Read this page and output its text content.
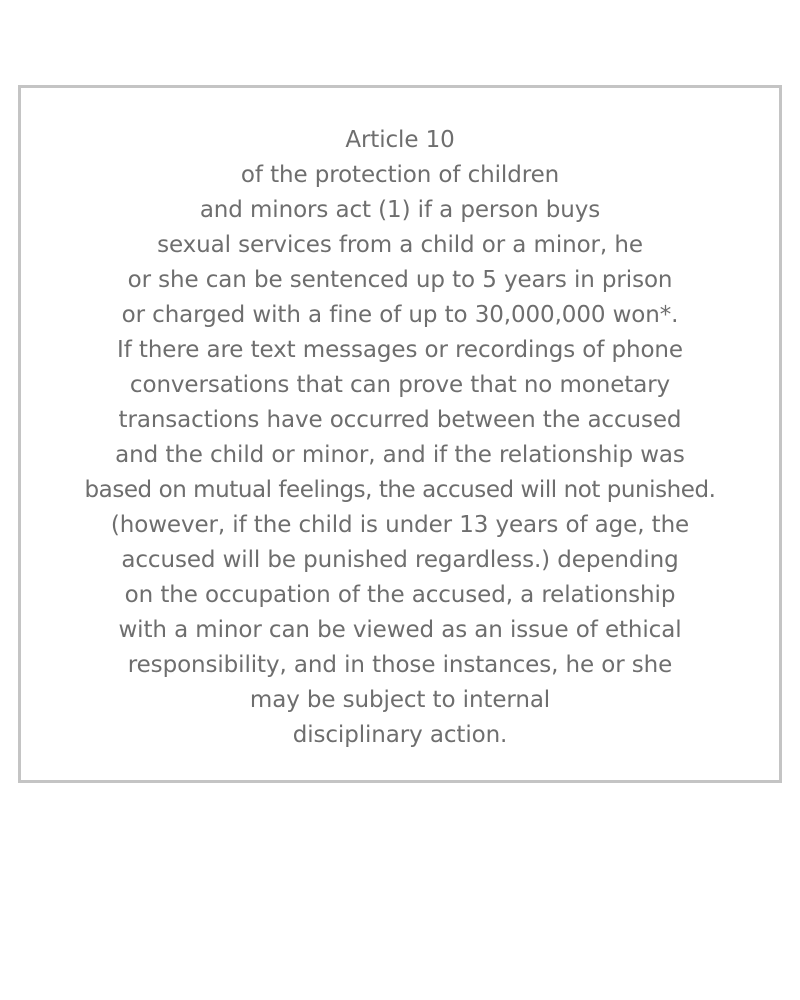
Article 10
of the protection of children
and minors act (1) if a person buys
sexual services from a child or a minor, he
or she can be sentenced up to 5 years in prison
or charged with a fine of up to 30,000,000 won*.
If there are text messages or recordings of phone
conversations that can prove that no monetary
transactions have occurred between the accused
and the child or minor, and if the relationship was
based on mutual feelings, the accused will not punished.
(however, if the child is under 13 years of age, the
accused will be punished regardless.) depending
on the occupation of the accused, a relationship
with a minor can be viewed as an issue of ethical
responsibility, and in those instances, he or she
may be subject to internal
disciplinary action.
